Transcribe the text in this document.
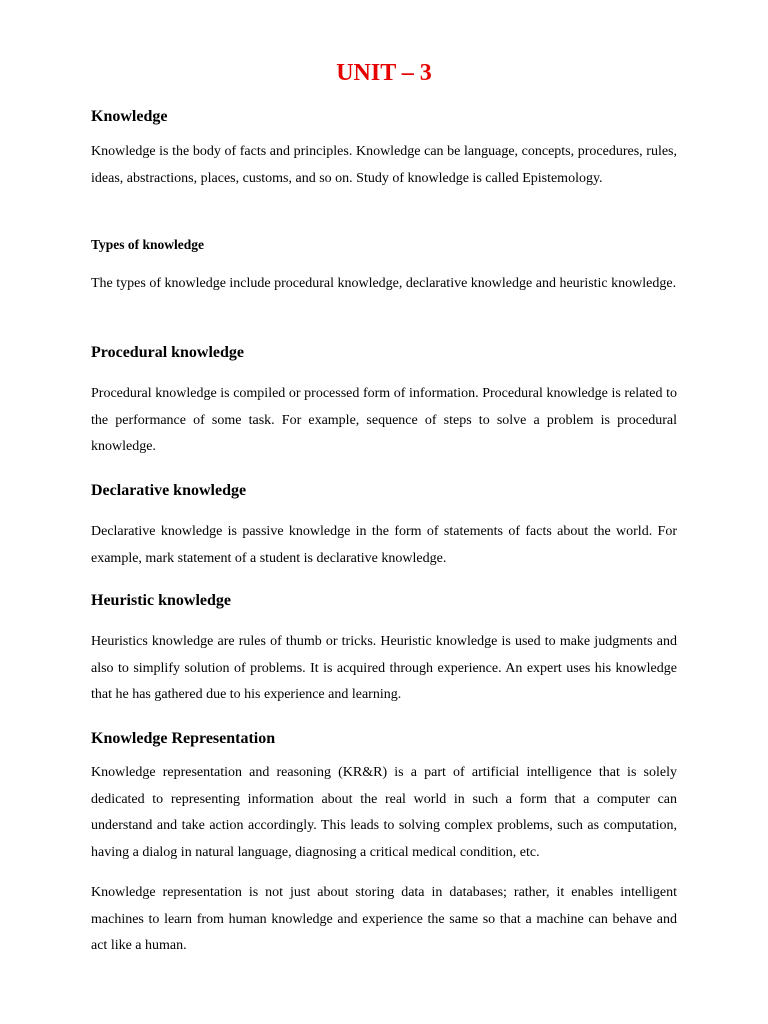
UNIT – 3
Knowledge
Knowledge is the body of facts and principles. Knowledge can be language, concepts, procedures, rules, ideas, abstractions, places, customs, and so on. Study of knowledge is called Epistemology.
Types of knowledge
The types of knowledge include procedural knowledge, declarative knowledge and heuristic knowledge.
Procedural knowledge
Procedural knowledge is compiled or processed form of information. Procedural knowledge is related to the performance of some task. For example, sequence of steps to solve a problem is procedural knowledge.
Declarative knowledge
Declarative knowledge is passive knowledge in the form of statements of facts about the world. For example, mark statement of a student is declarative knowledge.
Heuristic knowledge
Heuristics knowledge are rules of thumb or tricks. Heuristic knowledge is used to make judgments and also to simplify solution of problems. It is acquired through experience. An expert uses his knowledge that he has gathered due to his experience and learning.
Knowledge Representation
Knowledge representation and reasoning (KR&R) is a part of artificial intelligence that is solely dedicated to representing information about the real world in such a form that a computer can understand and take action accordingly. This leads to solving complex problems, such as computation, having a dialog in natural language, diagnosing a critical medical condition, etc.
Knowledge representation is not just about storing data in databases; rather, it enables intelligent machines to learn from human knowledge and experience the same so that a machine can behave and act like a human.
